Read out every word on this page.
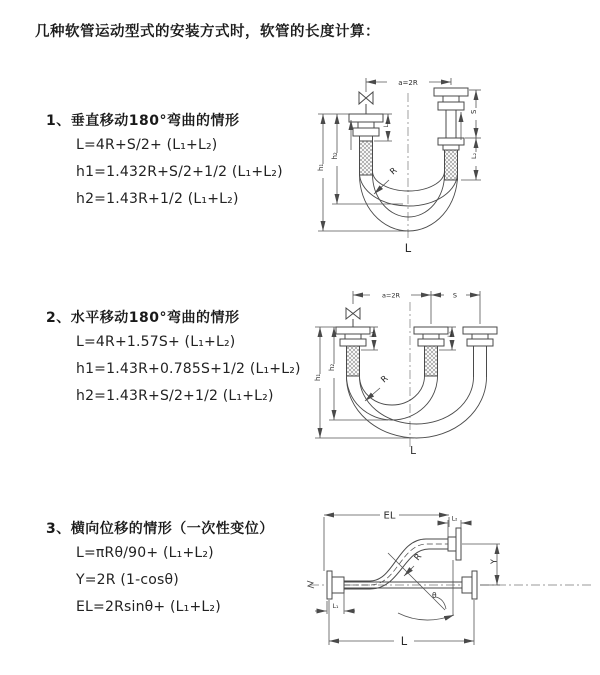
几种软管运动型式的安装方式时，软管的长度计算：
1、垂直移动180°弯曲的情形
L=4R+S/2+ (L₁+L₂)
h1=1.432R+S/2+1/2 (L₁+L₂)
h2=1.43R+1/2 (L₁+L₂)
2、水平移动180°弯曲的情形
L=4R+1.57S+ (L₁+L₂)
h1=1.43R+0.785S+1/2 (L₁+L₂)
h2=1.43R+S/2+1/2 (L₁+L₂)
3、横向位移的情形（一次性变位）
L=πRθ/90+ (L₁+L₂)
Y=2R (1-cosθ)
EL=2Rsinθ+ (L₁+L₂)
a=2R
R
S
L₂
L₁
h₁
h₂
L
a=2R	S
L₁	L₂
R
h₁
h₂
L
θ
R
EL	L₂
Y
L
L₁
